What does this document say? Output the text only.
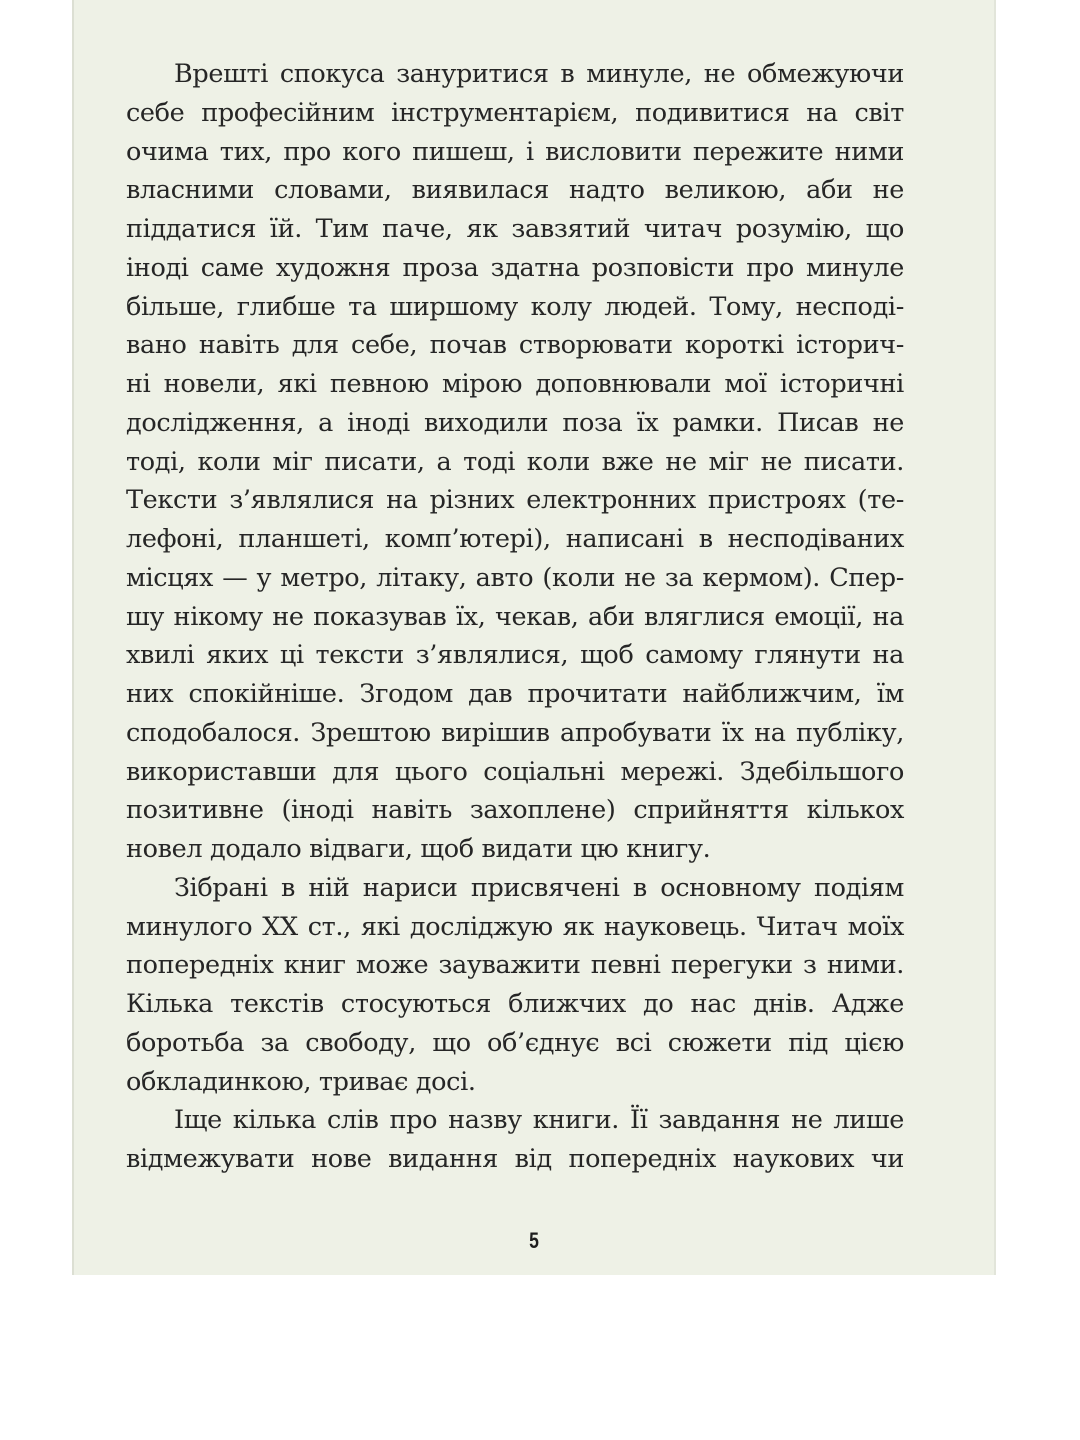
Врешті спокуса зануритися в минуле, не обмежуючи
себе професійним інструментарієм, подивитися на світ
очима тих, про кого пишеш, і висловити пережите ними
власними словами, виявилася надто великою, аби не
піддатися їй. Тим паче, як завзятий читач розумію, що
іноді саме художня проза здатна розповісти про минуле
більше, глибше та ширшому колу людей. Тому, несподі-
вано навіть для себе, почав створювати короткі історич-
ні новели, які певною мірою доповнювали мої історичні
дослідження, а іноді виходили поза їх рамки. Писав не
тоді, коли міг писати, а тоді коли вже не міг не писати.
Тексти з’являлися на різних електронних пристроях (те-
лефоні, планшеті, комп’ютері), написані в несподіваних
місцях — у метро, літаку, авто (коли не за кермом). Спер-
шу нікому не показував їх, чекав, аби вляглися емоції, на
хвилі яких ці тексти з’являлися, щоб самому глянути на
них спокійніше. Згодом дав прочитати найближчим, їм
сподобалося. Зрештою вирішив апробувати їх на публіку,
використавши для цього соціальні мережі. Здебільшого
позитивне (іноді навіть захоплене) сприйняття кількох
новел додало відваги, щоб видати цю книгу.
Зібрані в ній нариси присвячені в основному подіям
минулого XX ст., які досліджую як науковець. Читач моїх
попередніх книг може зауважити певні перегуки з ними.
Кілька текстів стосуються ближчих до нас днів. Адже
боротьба за свободу, що об’єднує всі сюжети під цією
обкладинкою, триває досі.
Іще кілька слів про назву книги. Її завдання не лише
відмежувати нове видання від попередніх наукових чи
5
